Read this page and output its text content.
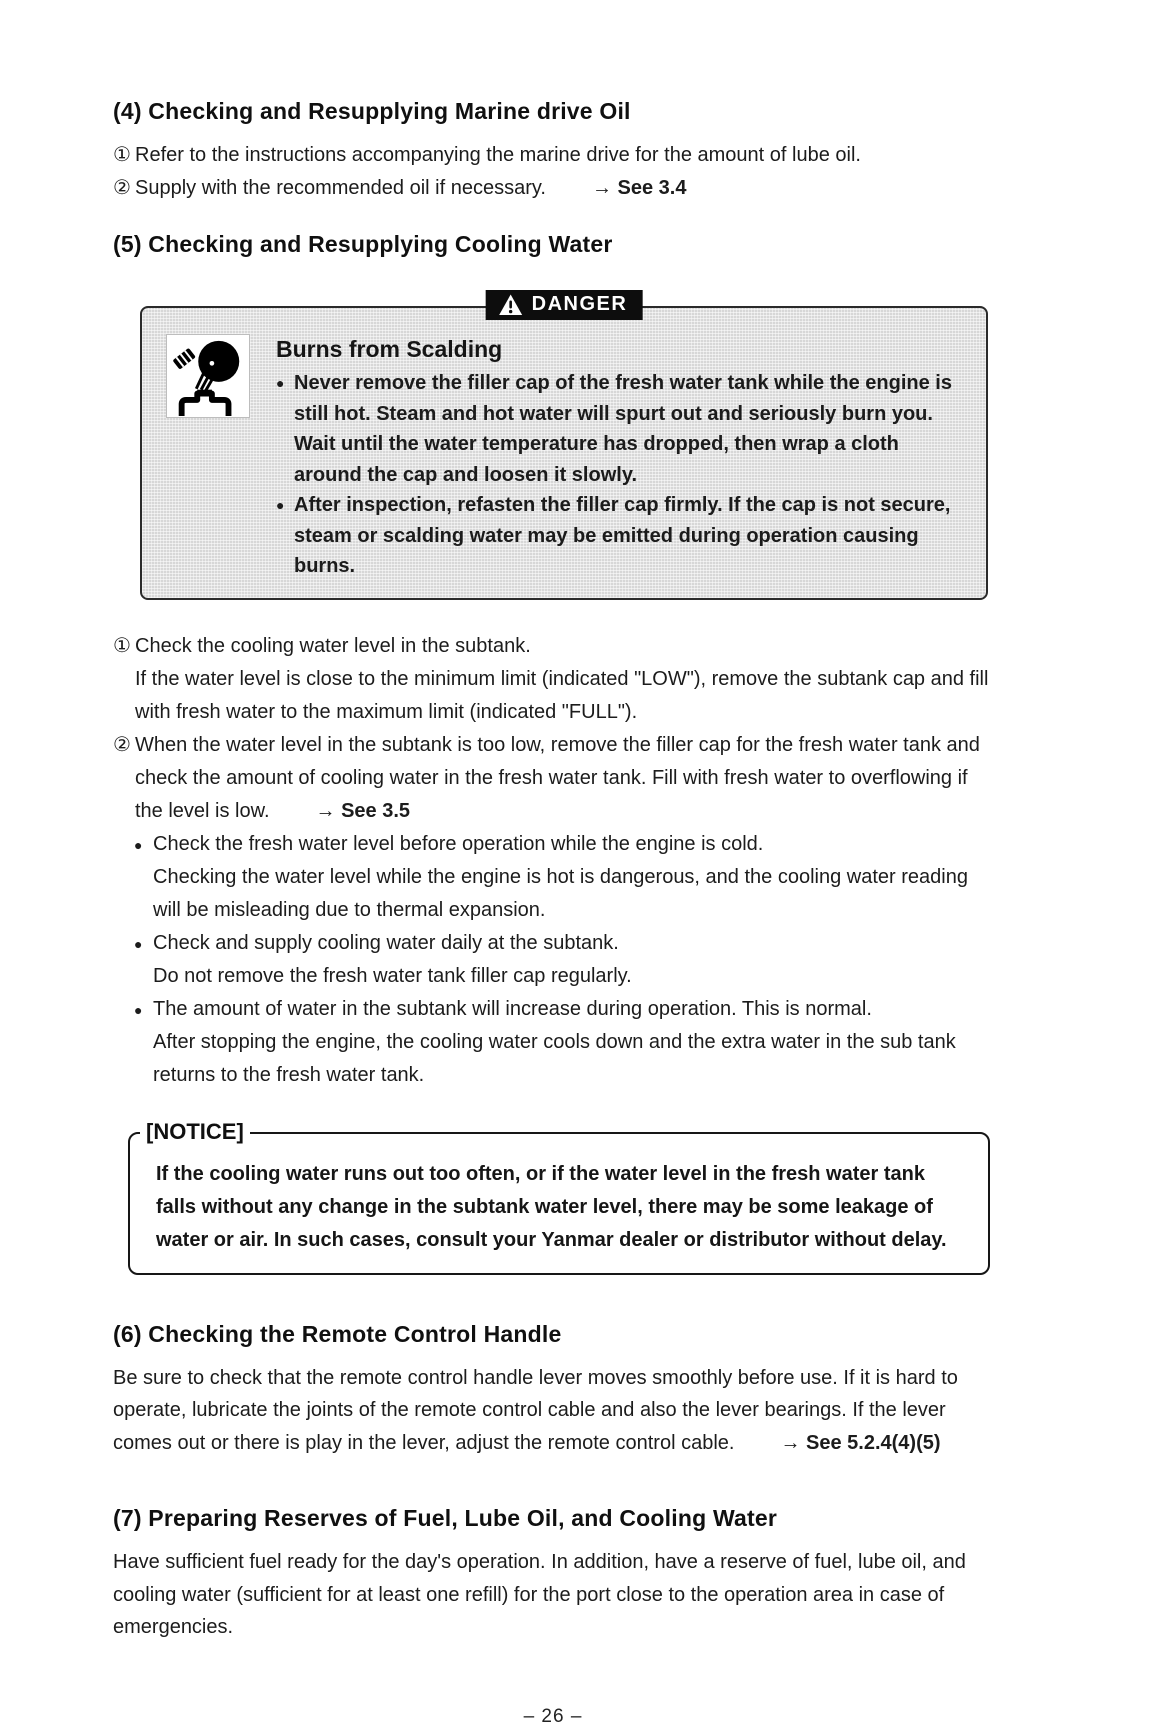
(4) Checking and Resupplying Marine drive Oil

① Refer to the instructions accompanying the marine drive for the amount of lube oil.

② Supply with the recommended oil if necessary. → See 3.4

(5) Checking and Resupplying Cooling Water
DANGER

Burns from Scalding

● Never remove the filler cap of the fresh water tank while the engine is still hot. Steam and hot water will spurt out and seriously burn you. Wait until the water temperature has dropped, then wrap a cloth around the cap and loosen it slowly.

● After inspection, refasten the filler cap firmly. If the cap is not secure, steam or scalding water may be emitted during operation causing burns.

① Check the cooling water level in the subtank.

If the water level is close to the minimum limit (indicated "LOW"), remove the subtank cap and fill with fresh water to the maximum limit (indicated "FULL").

② When the water level in the subtank is too low, remove the filler cap for the fresh water tank and check the amount of cooling water in the fresh water tank. Fill with fresh water to overflowing if the level is low. → See 3.5

● Check the fresh water level before operation while the engine is cold.

Checking the water level while the engine is hot is dangerous, and the cooling water reading will be misleading due to thermal expansion.

● Check and supply cooling water daily at the subtank.

Do not remove the fresh water tank filler cap regularly.

● The amount of water in the subtank will increase during operation. This is normal.

After stopping the engine, the cooling water cools down and the extra water in the sub tank returns to the fresh water tank.

[NOTICE]

If the cooling water runs out too often, or if the water level in the fresh water tank falls without any change in the subtank water level, there may be some leakage of water or air. In such cases, consult your Yanmar dealer or distributor without delay.

(6) Checking the Remote Control Handle

Be sure to check that the remote control handle lever moves smoothly before use. If it is hard to operate, lubricate the joints of the remote control cable and also the lever bearings. If the lever comes out or there is play in the lever, adjust the remote control cable. → See 5.2.4(4)(5)

(7) Preparing Reserves of Fuel, Lube Oil, and Cooling Water

Have sufficient fuel ready for the day's operation. In addition, have a reserve of fuel, lube oil, and cooling water (sufficient for at least one refill) for the port close to the operation area in case of emergencies.

– 26 –
